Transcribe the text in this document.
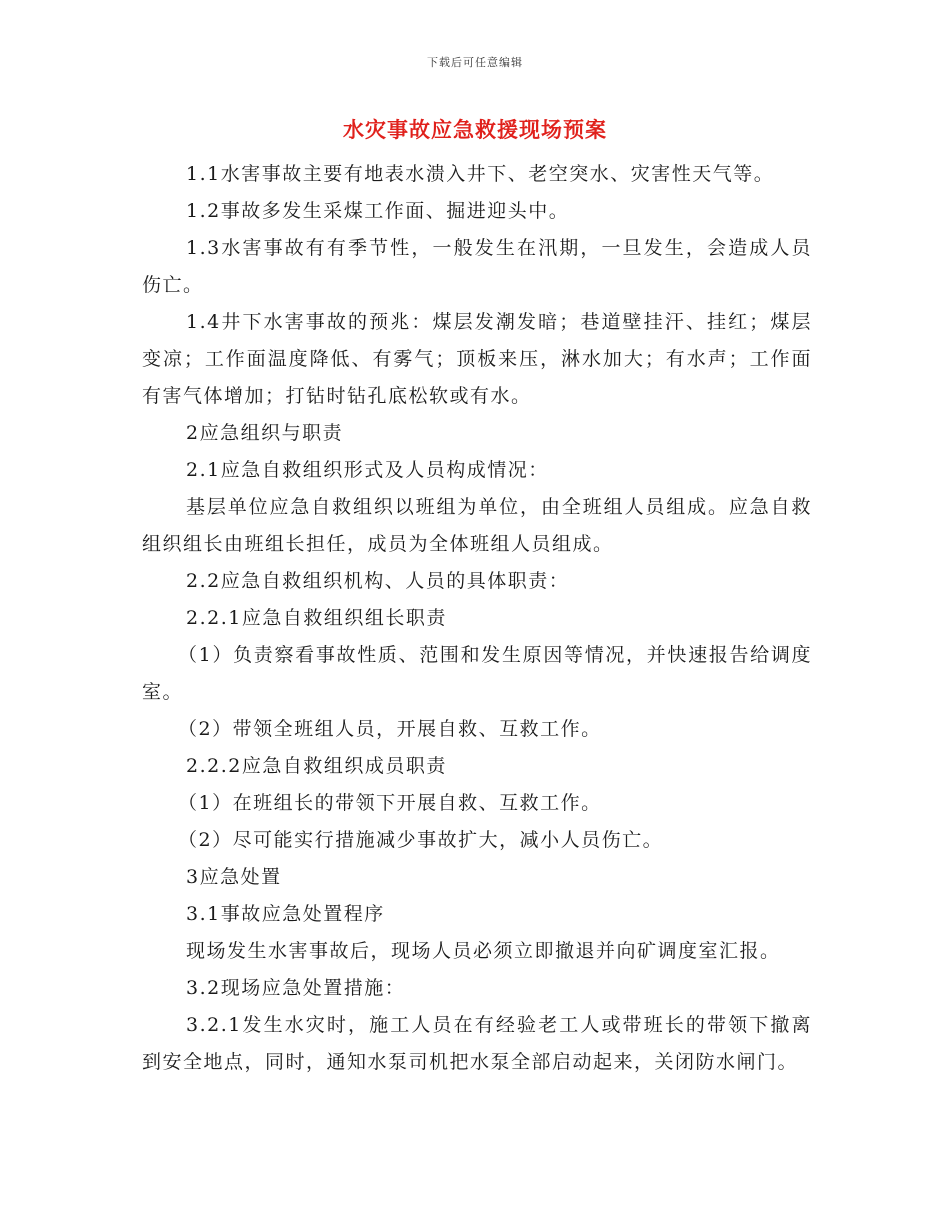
下载后可任意编辑
水灾事故应急救援现场预案

1.1水害事故主要有地表水溃入井下、老空突水、灾害性天气等。

1.2事故多发生采煤工作面、掘进迎头中。

1.3水害事故有有季节性，一般发生在汛期，一旦发生，会造成人员伤亡。

1.4井下水害事故的预兆：煤层发潮发暗；巷道壁挂汗、挂红；煤层变凉；工作面温度降低、有雾气；顶板来压，淋水加大；有水声；工作面有害气体增加；打钻时钻孔底松软或有水。

2应急组织与职责

2.1应急自救组织形式及人员构成情况：

基层单位应急自救组织以班组为单位，由全班组人员组成。应急自救组织组长由班组长担任，成员为全体班组人员组成。

2.2应急自救组织机构、人员的具体职责：

2.2.1应急自救组织组长职责

（1）负责察看事故性质、范围和发生原因等情况，并快速报告给调度室。

（2）带领全班组人员，开展自救、互救工作。

2.2.2应急自救组织成员职责

（1）在班组长的带领下开展自救、互救工作。

（2）尽可能实行措施减少事故扩大，减小人员伤亡。

3应急处置

3.1事故应急处置程序

现场发生水害事故后，现场人员必须立即撤退并向矿调度室汇报。

3.2现场应急处置措施：

3.2.1发生水灾时，施工人员在有经验老工人或带班长的带领下撤离到安全地点，同时，通知水泵司机把水泵全部启动起来，关闭防水闸门。
